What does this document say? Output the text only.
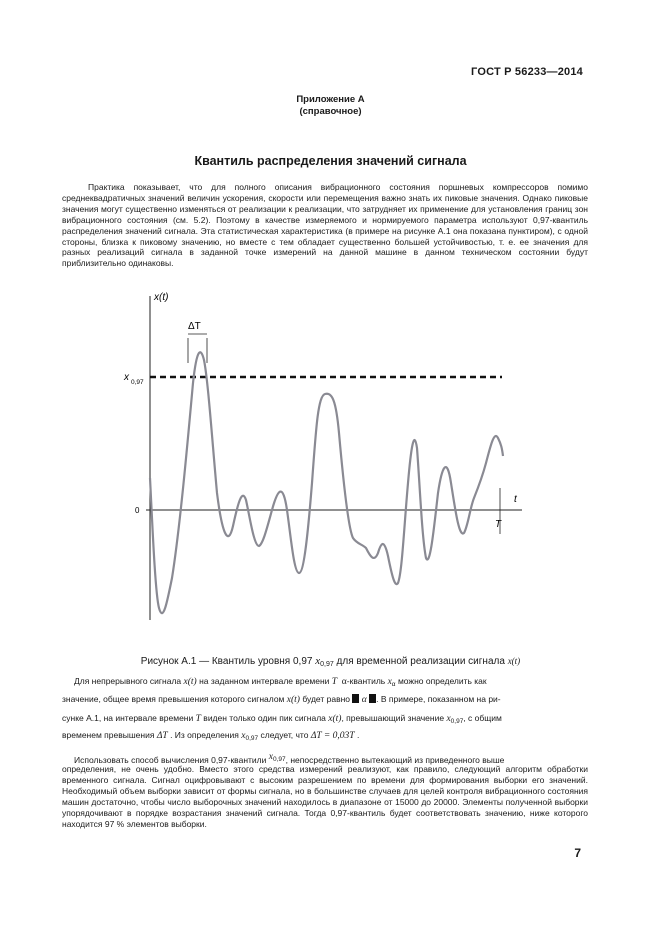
ГОСТ Р 56233—2014
Приложение А
(справочное)
Квантиль распределения значений сигнала
Практика показывает, что для полного описания вибрационного состояния поршневых компрессоров помимо среднеквадратичных значений величин ускорения, скорости или перемещения важно знать их пиковые значения. Однако пиковые значения могут существенно изменяться от реализации к реализации, что затрудняет их применение для установления границ зон вибрационного состояния (см. 5.2). Поэтому в качестве измеряемого и нормируемого параметра используют 0,97-квантиль распределения значений сигнала. Эта статистическая характеристика (в примере на рисунке А.1 она показана пунктиром), с одной стороны, близка к пиковому значению, но вместе с тем обладает существенно большей устойчивостью, т. е. ее значения для разных реализаций сигнала в заданной точке измерений на данной машине в данном техническом состоянии будут приблизительно одинаковы.
x(t)
t
0
x 0,97
ΔT
T
Рисунок А.1 — Квантиль уровня 0,97 $x_{0,97}$ для временной реализации сигнала x(t)
Для непрерывного сигнала x(t) на заданном интервале времени T α-квантиль $x_\alpha$ можно определить как
значение, общее время превышения которого сигналом x(t) будет равно α . В примере, показанном на ри-
сунке А.1, на интервале времени T виден только один пик сигнала x(t), превышающий значение $x_{0,97}$, с общим
временем превышения ΔT . Из определения $x_{0,97}$ следует, что ΔT = 0,03T .
Использовать способ вычисления 0,97-квантили $x^{0,97}$, непосредственно вытекающий из приведенного выше
определения, не очень удобно. Вместо этого средства измерений реализуют, как правило, следующий алгоритм обработки временного сигнала. Сигнал оцифровывают с высоким разрешением по времени для формирования выборки его значений. Необходимый объем выборки зависит от формы сигнала, но в большинстве случаев для целей контроля вибрационного состояния машин достаточно, чтобы число выборочных значений находилось в диапазоне от 15000 до 20000. Элементы полученной выборки упорядочивают в порядке возрастания значений сигнала. Тогда 0,97-квантиль будет соответствовать значению, ниже которого находится 97 % элементов выборки.
7
